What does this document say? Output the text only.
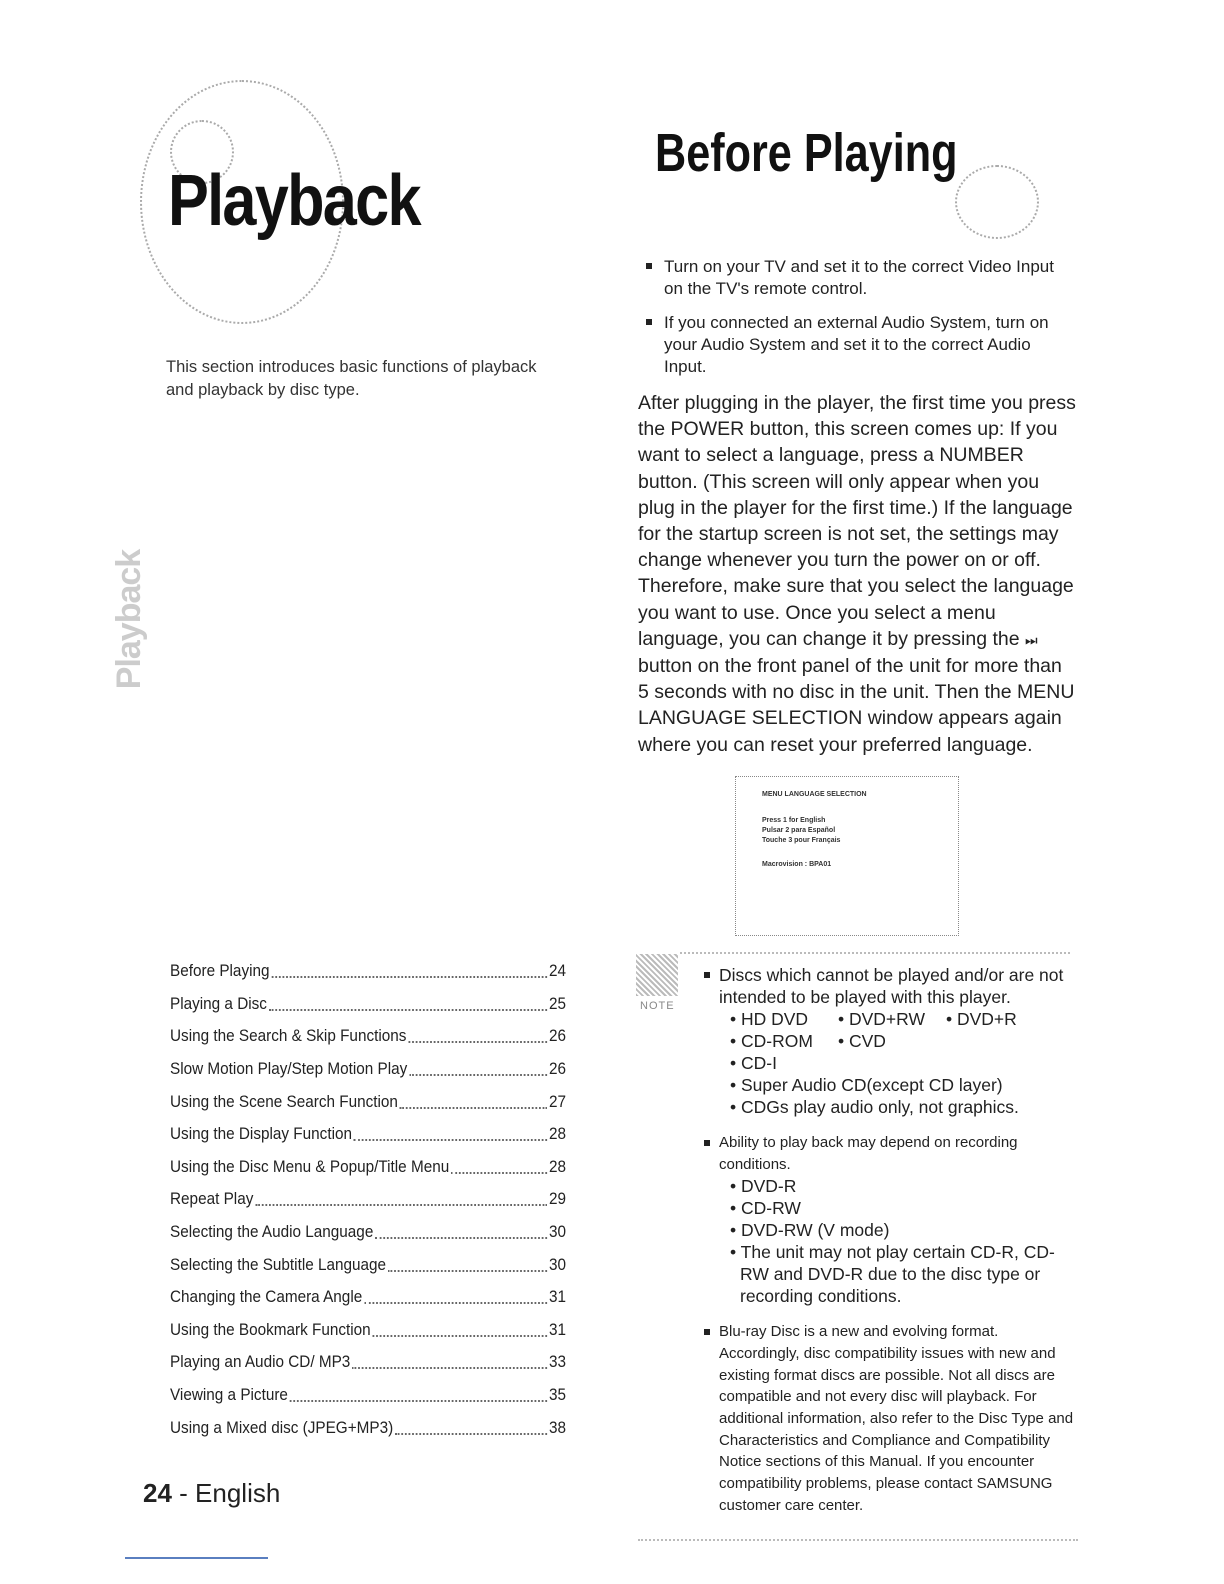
Playback
This section introduces basic functions of playback and playback by disc type.
Playback
Before Playing	24
Playing a Disc	25
Using the Search & Skip Functions	26
Slow Motion Play/Step Motion Play	26
Using the Scene Search Function	27
Using the Display Function	28
Using the Disc Menu & Popup/Title Menu	28
Repeat Play	29
Selecting the Audio Language	30
Selecting the Subtitle Language	30
Changing the Camera Angle	31
Using the Bookmark Function	31
Playing an Audio CD/ MP3	33
Viewing a Picture	35
Using a Mixed disc (JPEG+MP3)	38
24 - English
Before Playing
Turn on your TV and set it to the correct Video Input on the TV's remote control.
If you connected an external Audio System, turn on your Audio System and set it to the correct Audio Input.
After plugging in the player, the first time you press the POWER button, this screen comes up: If you want to select a language, press a NUMBER button. (This screen will only appear when you plug in the player for the first time.) If the language for the startup screen is not set, the settings may change whenever you turn the power on or off. Therefore, make sure that you select the language you want to use. Once you select a menu language, you can change it by pressing the ⏭ button on the front panel of the unit for more than 5 seconds with no disc in the unit. Then the MENU LANGUAGE SELECTION window appears again where you can reset your preferred language.
MENU LANGUAGE SELECTION
Press 1 for English
Pulsar 2 para Español
Touche 3 pour Français
Macrovision : BPA01
NOTE
Discs which cannot be played and/or are not intended to be played with this player.
• HD DVD • DVD+RW • DVD+R
• CD-ROM • CVD
• CD-I
• Super Audio CD(except CD layer)
• CDGs play audio only, not graphics.
Ability to play back may depend on recording conditions.
• DVD-R
• CD-RW
• DVD-RW (V mode)
• The unit may not play certain CD-R, CD-RW and DVD-R due to the disc type or recording conditions.
Blu-ray Disc is a new and evolving format. Accordingly, disc compatibility issues with new and existing format discs are possible. Not all discs are compatible and not every disc will playback. For additional information, also refer to the Disc Type and Characteristics and Compliance and Compatibility Notice sections of this Manual. If you encounter compatibility problems, please contact SAMSUNG customer care center.
